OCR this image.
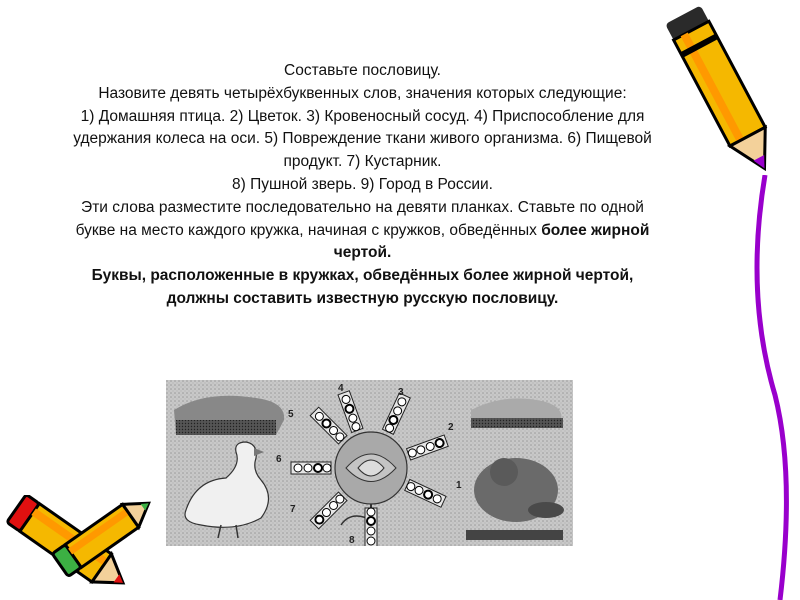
Составьте пословицу.

Назовите девять четырёхбуквенных слов, значения которых следующие:

1) Домашняя птица. 2) Цветок. 3) Кровеносный сосуд. 4) Приспособление для удержания колеса на оси. 5) Повреждение ткани живого организма. 6) Пищевой продукт. 7) Кустарник.

8) Пушной зверь. 9) Город в России.

Эти слова разместите последовательно на девяти планках. Ставьте по одной букве на место каждого кружка, начиная с кружков, обведённых более жирной чертой.

Буквы, расположенные в кружках, обведённых более жирной чертой, должны составить известную русскую пословицу.

1
2
3
4
5
6
7
8
